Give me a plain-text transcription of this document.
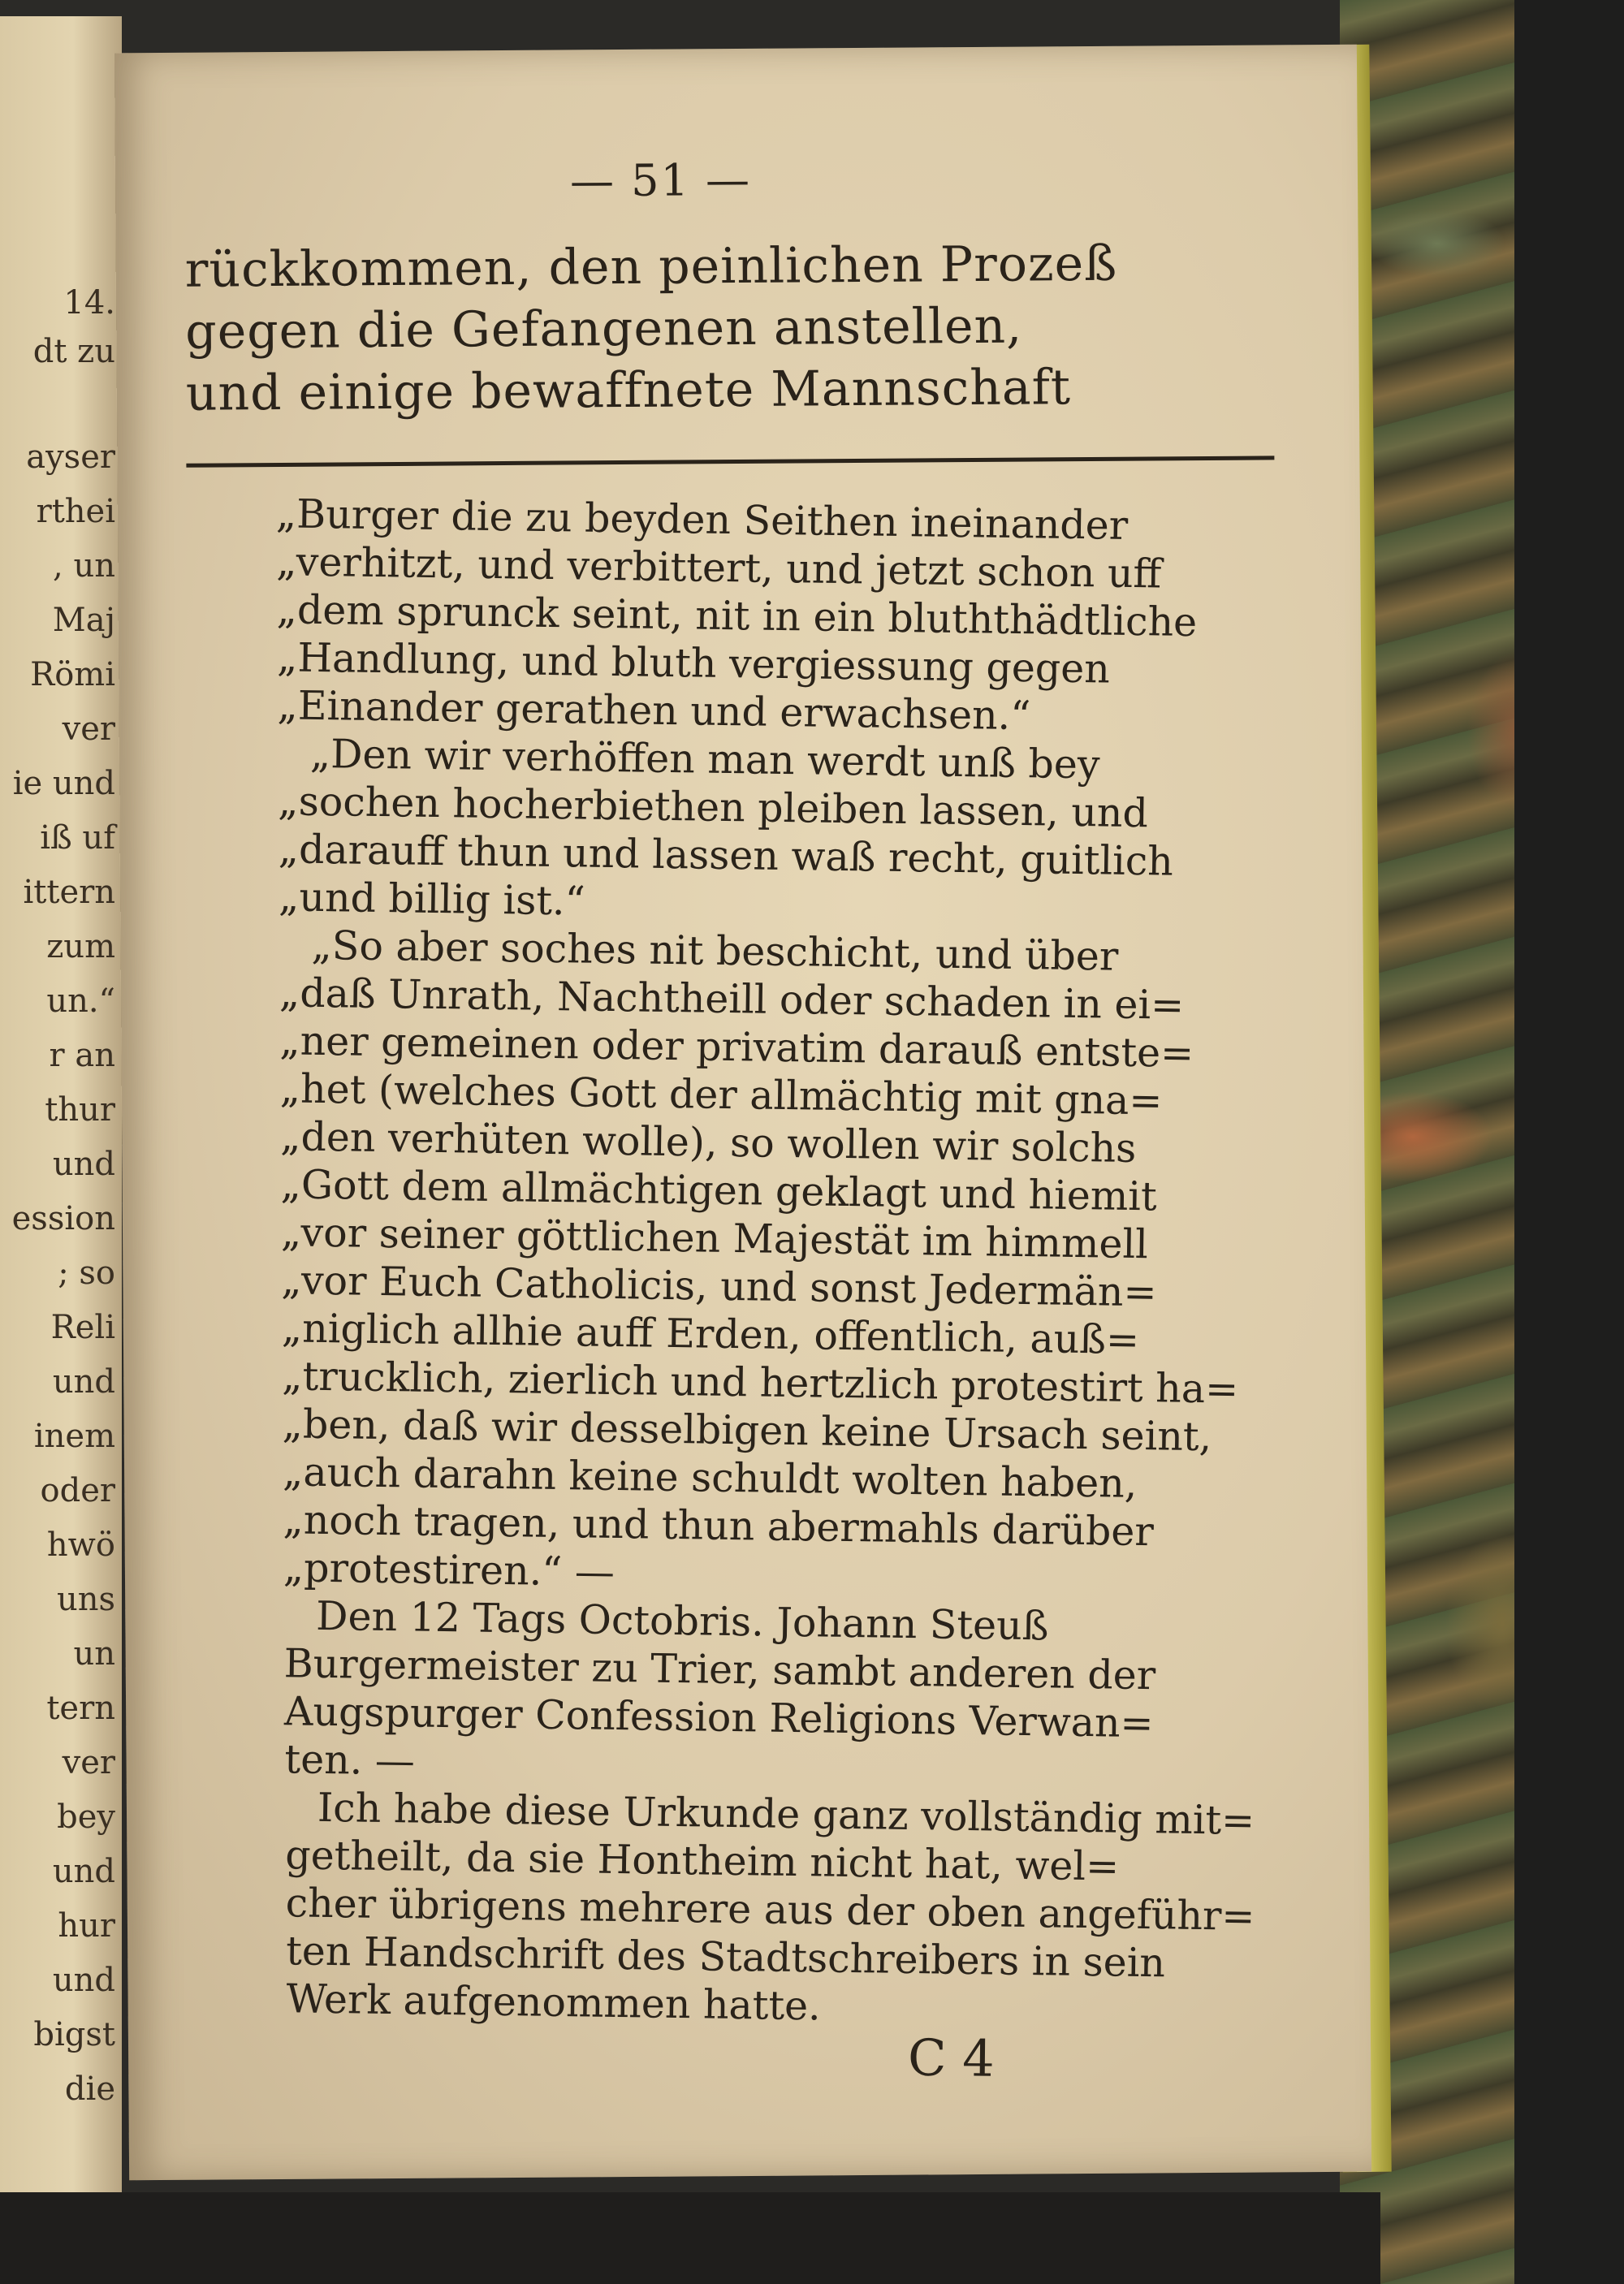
14.
dt zu
ayser
rthei
, un
Maj
Römi
ver
ie und
iß uf
ittern
zum
un.“
r an
thur
und
ession
; so
Reli
und
inem
oder
hwö
uns
un
tern
ver
bey
und
hur
und
bigst
die
— 51 —
rückkommen, den peinlichen Prozeß
gegen die Gefangenen anstellen,
und einige bewaffnete Mannschaft
„Burger die zu beyden Seithen ineinander
„verhitzt, und verbittert, und jetzt schon uff
„dem sprunck seint, nit in ein bluththädtliche
„Handlung, und bluth vergiessung gegen
„Einander gerathen und erwachsen.“
„Den wir verhöffen man werdt unß bey
„sochen hocherbiethen pleiben lassen, und
„darauff thun und lassen waß recht, guitlich
„und billig ist.“
„So aber soches nit beschicht, und über
„daß Unrath, Nachtheill oder schaden in ei=
„ner gemeinen oder privatim darauß entste=
„het (welches Gott der allmächtig mit gna=
„den verhüten wolle), so wollen wir solchs
„Gott dem allmächtigen geklagt und hiemit
„vor seiner göttlichen Majestät im himmell
„vor Euch Catholicis, und sonst Jedermän=
„niglich allhie auff Erden, offentlich, auß=
„trucklich, zierlich und hertzlich protestirt ha=
„ben, daß wir desselbigen keine Ursach seint,
„auch darahn keine schuldt wolten haben,
„noch tragen, und thun abermahls darüber
„protestiren.“ —
Den 12 Tags Octobris. Johann Steuß
Burgermeister zu Trier, sambt anderen der
Augspurger Confession Religions Verwan=
ten. —
Ich habe diese Urkunde ganz vollständig mit=
getheilt, da sie Hontheim nicht hat, wel=
cher übrigens mehrere aus der oben angeführ=
ten Handschrift des Stadtschreibers in sein
Werk aufgenommen hatte.
C 4
